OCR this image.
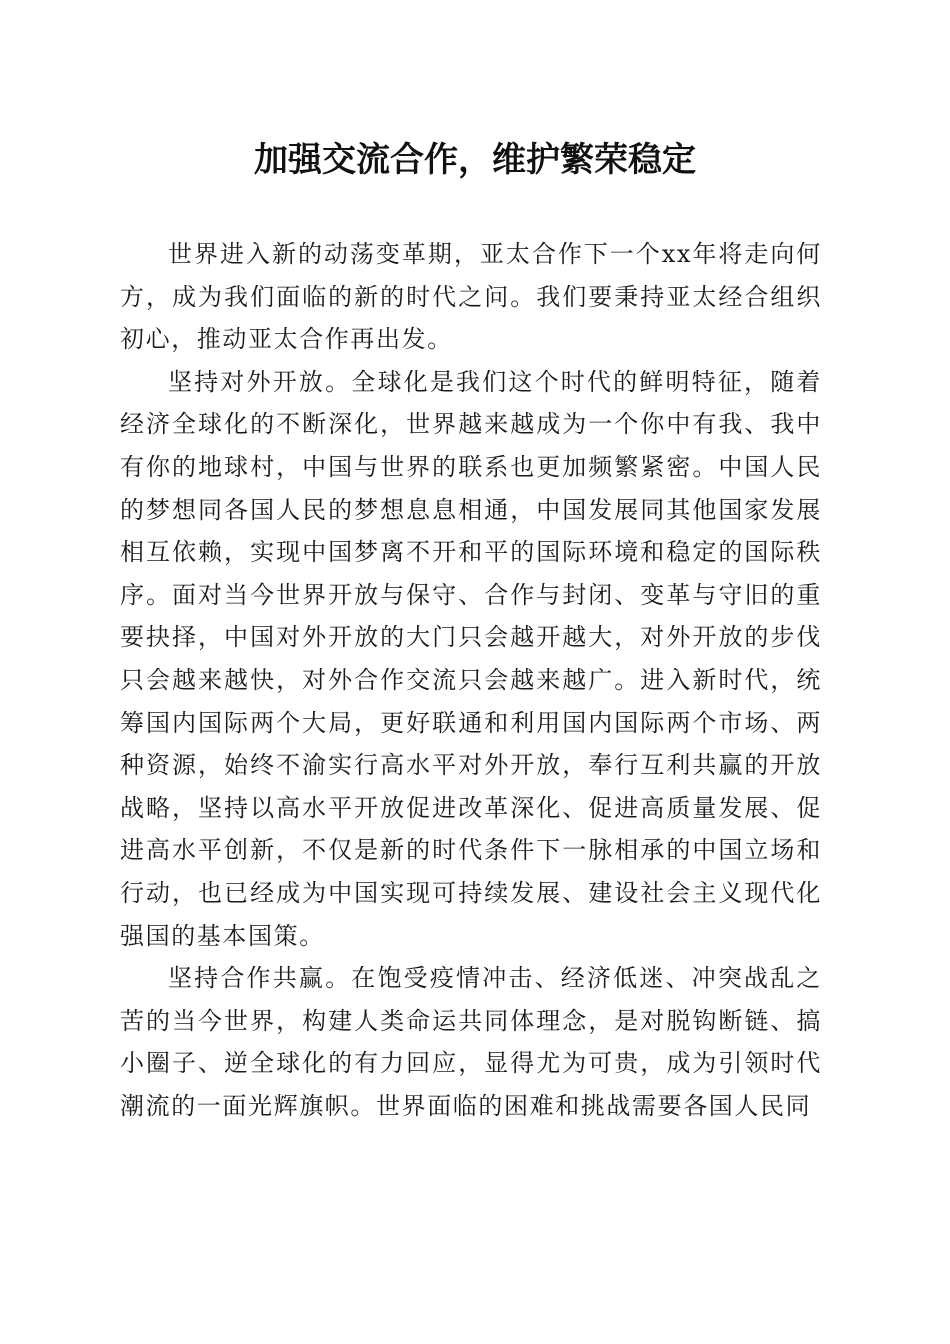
加强交流合作，维护繁荣稳定

世界进入新的动荡变革期，亚太合作下一个xx年将走向何方，成为我们面临的新的时代之问。我们要秉持亚太经合组织初心，推动亚太合作再出发。

坚持对外开放。全球化是我们这个时代的鲜明特征，随着经济全球化的不断深化，世界越来越成为一个你中有我、我中有你的地球村，中国与世界的联系也更加频繁紧密。中国人民的梦想同各国人民的梦想息息相通，中国发展同其他国家发展相互依赖，实现中国梦离不开和平的国际环境和稳定的国际秩序。面对当今世界开放与保守、合作与封闭、变革与守旧的重要抉择，中国对外开放的大门只会越开越大，对外开放的步伐只会越来越快，对外合作交流只会越来越广。进入新时代，统筹国内国际两个大局，更好联通和利用国内国际两个市场、两种资源，始终不渝实行高水平对外开放，奉行互利共赢的开放战略，坚持以高水平开放促进改革深化、促进高质量发展、促进高水平创新，不仅是新的时代条件下一脉相承的中国立场和行动，也已经成为中国实现可持续发展、建设社会主义现代化强国的基本国策。

坚持合作共赢。在饱受疫情冲击、经济低迷、冲突战乱之苦的当今世界，构建人类命运共同体理念，是对脱钩断链、搞小圈子、逆全球化的有力回应，显得尤为可贵，成为引领时代潮流的一面光辉旗帜。世界面临的困难和挑战需要各国人民同
